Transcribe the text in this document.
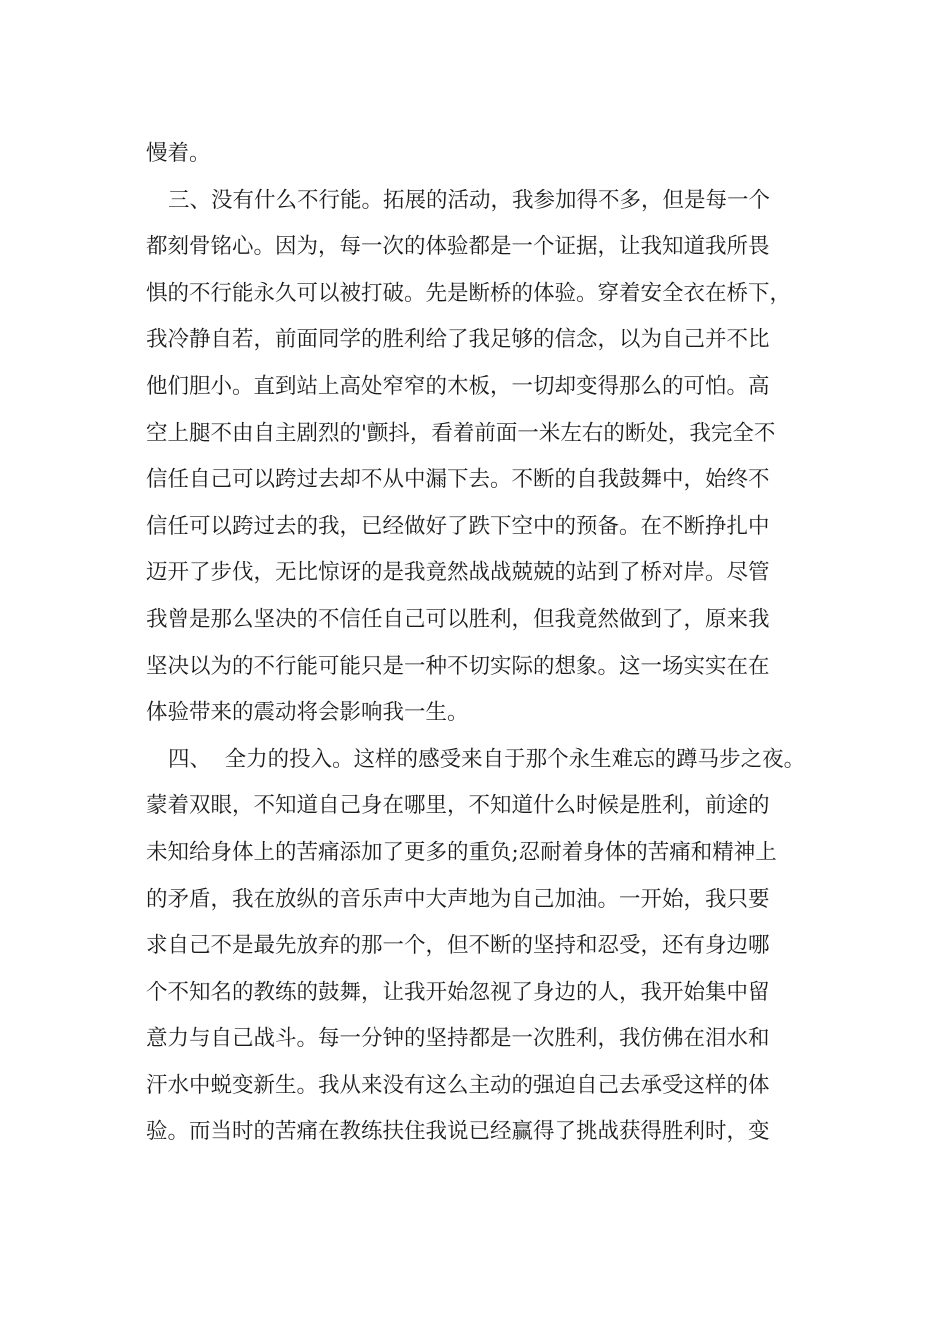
慢着。
三、没有什么不行能。拓展的活动，我参加得不多，但是每一个
都刻骨铭心。因为，每一次的体验都是一个证据，让我知道我所畏
惧的不行能永久可以被打破。先是断桥的体验。穿着安全衣在桥下，
我冷静自若，前面同学的胜利给了我足够的信念，以为自己并不比
他们胆小。直到站上高处窄窄的木板，一切却变得那么的可怕。高
空上腿不由自主剧烈的'颤抖，看着前面一米左右的断处，我完全不
信任自己可以跨过去却不从中漏下去。不断的自我鼓舞中，始终不
信任可以跨过去的我，已经做好了跌下空中的预备。在不断挣扎中
迈开了步伐，无比惊讶的是我竟然战战兢兢的站到了桥对岸。尽管
我曾是那么坚决的不信任自己可以胜利，但我竟然做到了，原来我
坚决以为的不行能可能只是一种不切实际的想象。这一场实实在在
体验带来的震动将会影响我一生。
四、  全力的投入。这样的感受来自于那个永生难忘的蹲马步之夜。
蒙着双眼，不知道自己身在哪里，不知道什么时候是胜利，前途的
未知给身体上的苦痛添加了更多的重负;忍耐着身体的苦痛和精神上
的矛盾，我在放纵的音乐声中大声地为自己加油。一开始，我只要
求自己不是最先放弃的那一个，但不断的坚持和忍受，还有身边哪
个不知名的教练的鼓舞，让我开始忽视了身边的人，我开始集中留
意力与自己战斗。每一分钟的坚持都是一次胜利，我仿佛在泪水和
汗水中蜕变新生。我从来没有这么主动的强迫自己去承受这样的体
验。而当时的苦痛在教练扶住我说已经赢得了挑战获得胜利时，变
